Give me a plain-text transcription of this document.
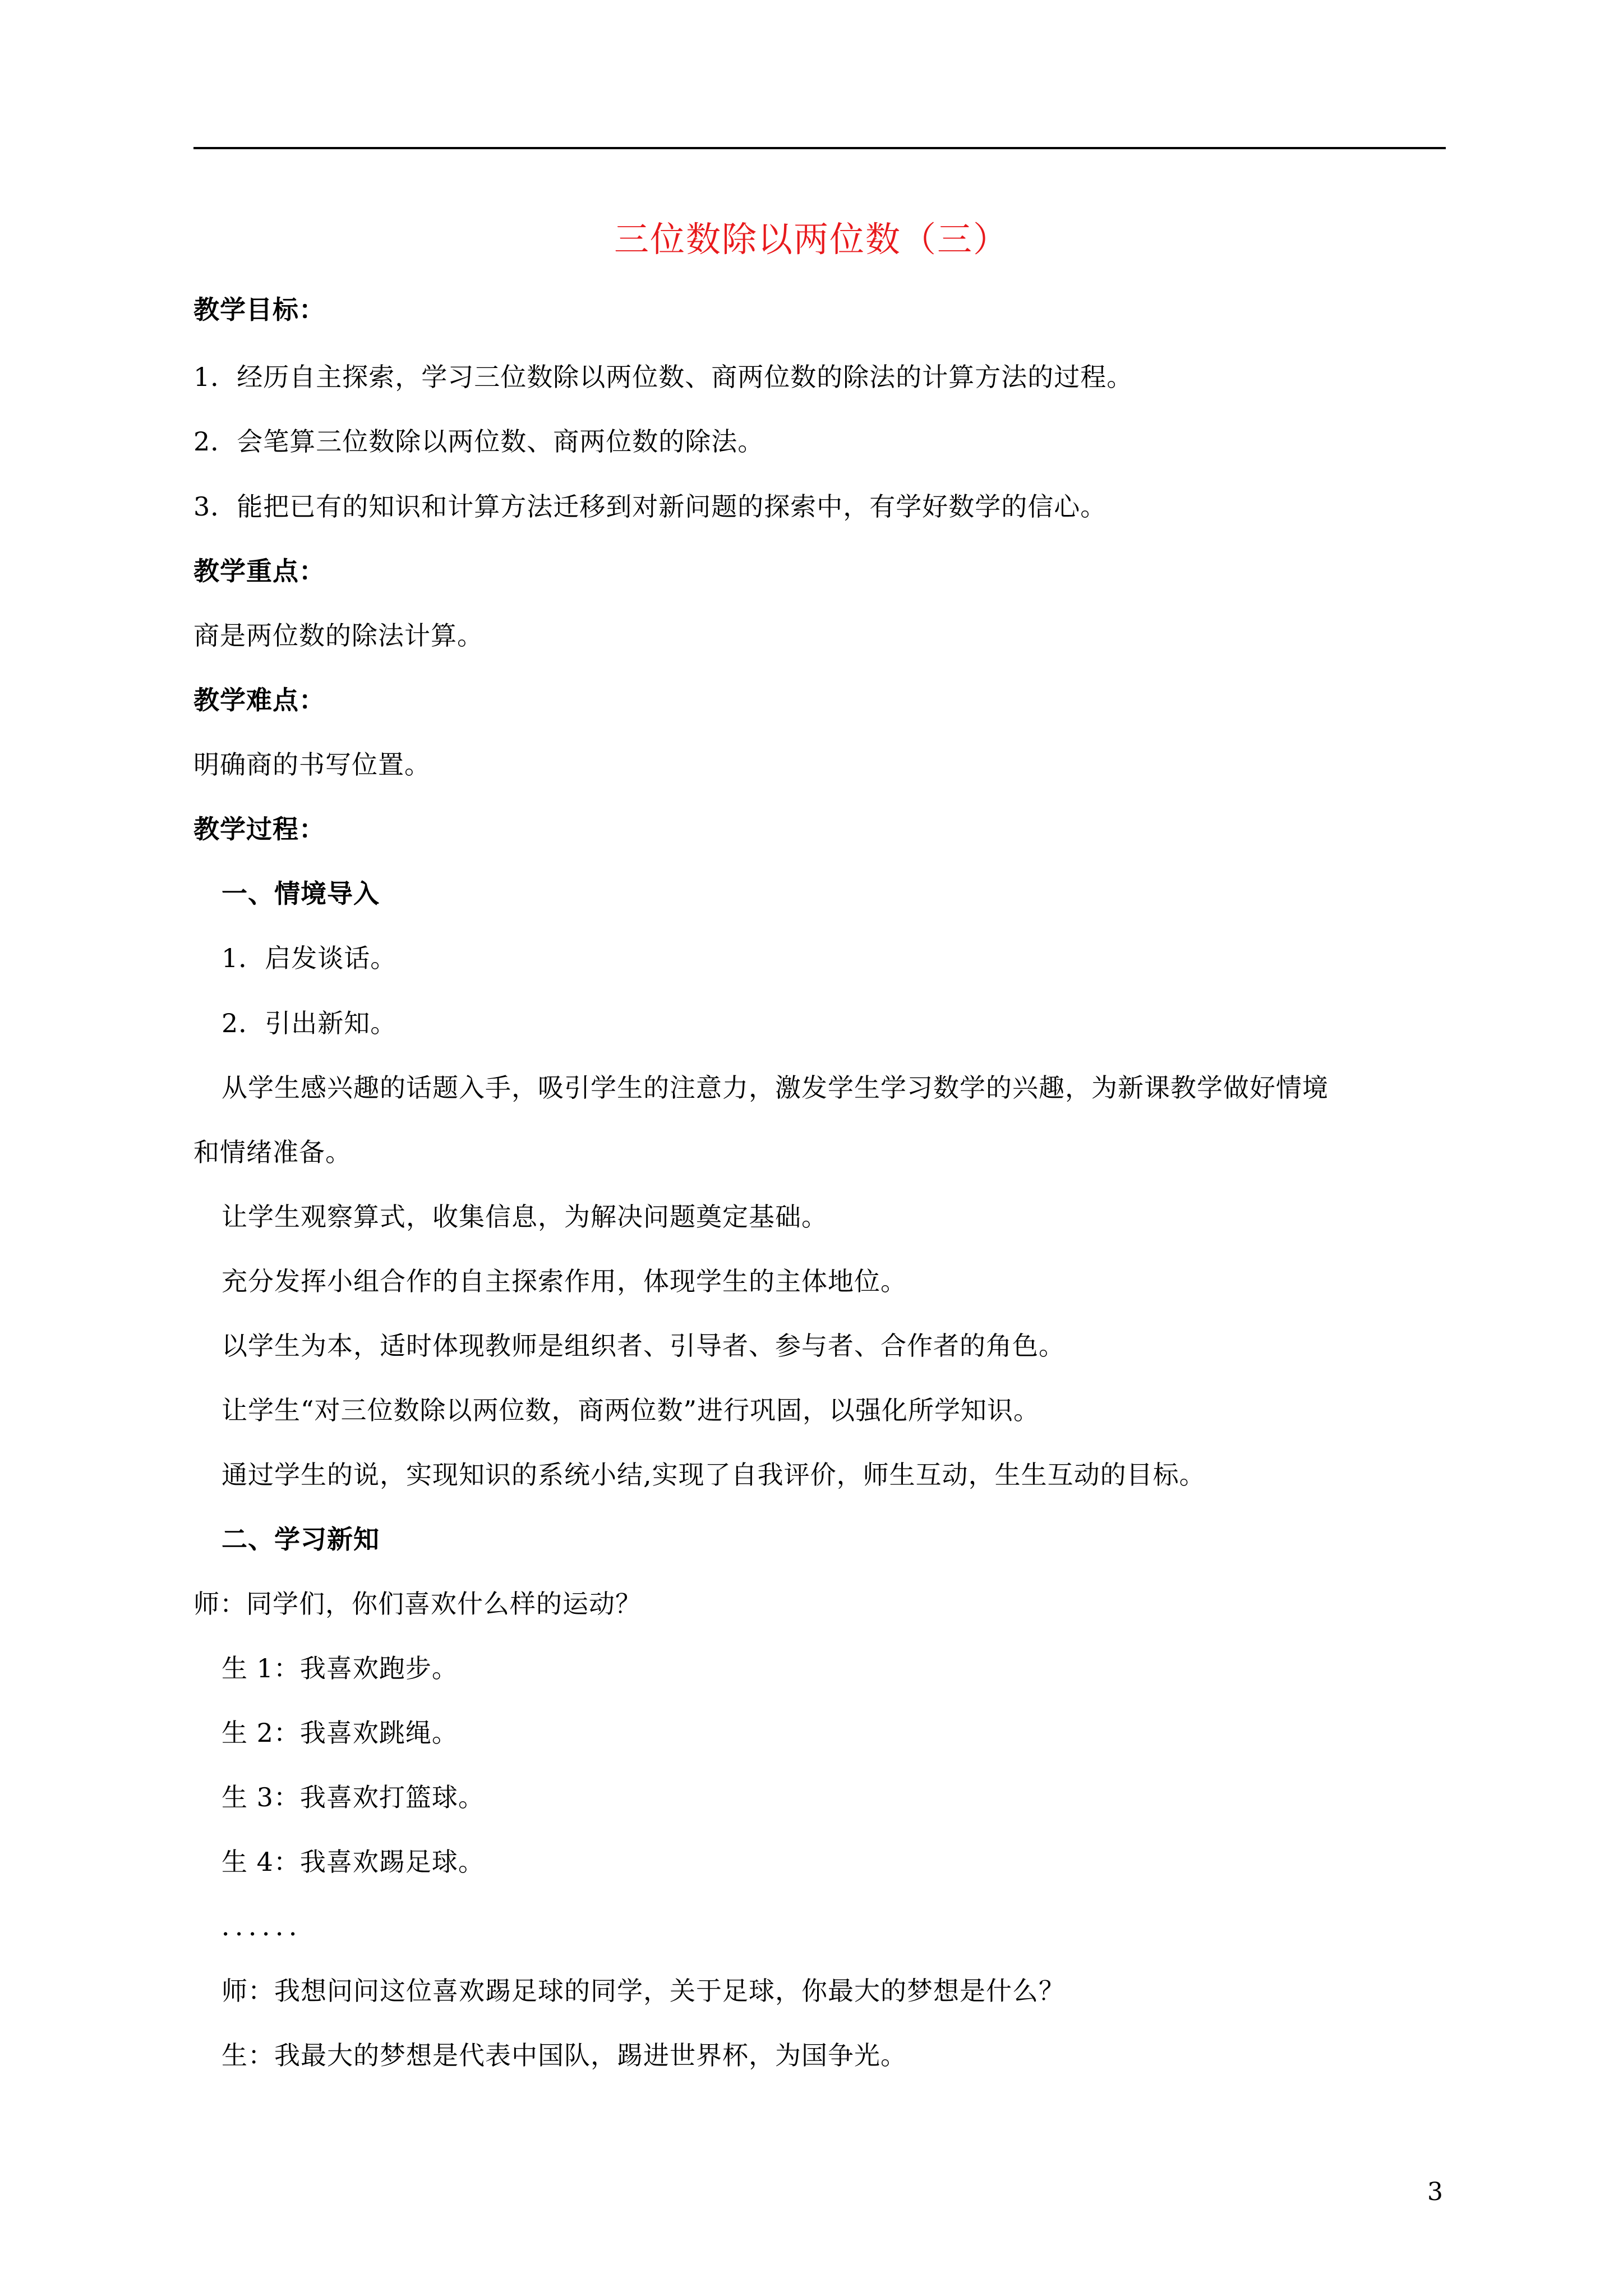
三位数除以两位数（三）
教学目标：
1．经历自主探索，学习三位数除以两位数、商两位数的除法的计算方法的过程。
2．会笔算三位数除以两位数、商两位数的除法。
3．能把已有的知识和计算方法迁移到对新问题的探索中，有学好数学的信心。
教学重点：
商是两位数的除法计算。
教学难点：
明确商的书写位置。
教学过程：
一、情境导入
1．启发谈话。
2．引出新知。
从学生感兴趣的话题入手，吸引学生的注意力，激发学生学习数学的兴趣，为新课教学做好情境
和情绪准备。
让学生观察算式，收集信息，为解决问题奠定基础。
充分发挥小组合作的自主探索作用，体现学生的主体地位。
以学生为本，适时体现教师是组织者、引导者、参与者、合作者的角色。
让学生“对三位数除以两位数，商两位数”进行巩固，以强化所学知识。
通过学生的说，实现知识的系统小结,实现了自我评价，师生互动，生生互动的目标。
二、学习新知
师：同学们，你们喜欢什么样的运动？
生 1：我喜欢跑步。
生 2：我喜欢跳绳。
生 3：我喜欢打篮球。
生 4：我喜欢踢足球。
．．．．．．
师：我想问问这位喜欢踢足球的同学，关于足球，你最大的梦想是什么？
生：我最大的梦想是代表中国队，踢进世界杯，为国争光。
3
